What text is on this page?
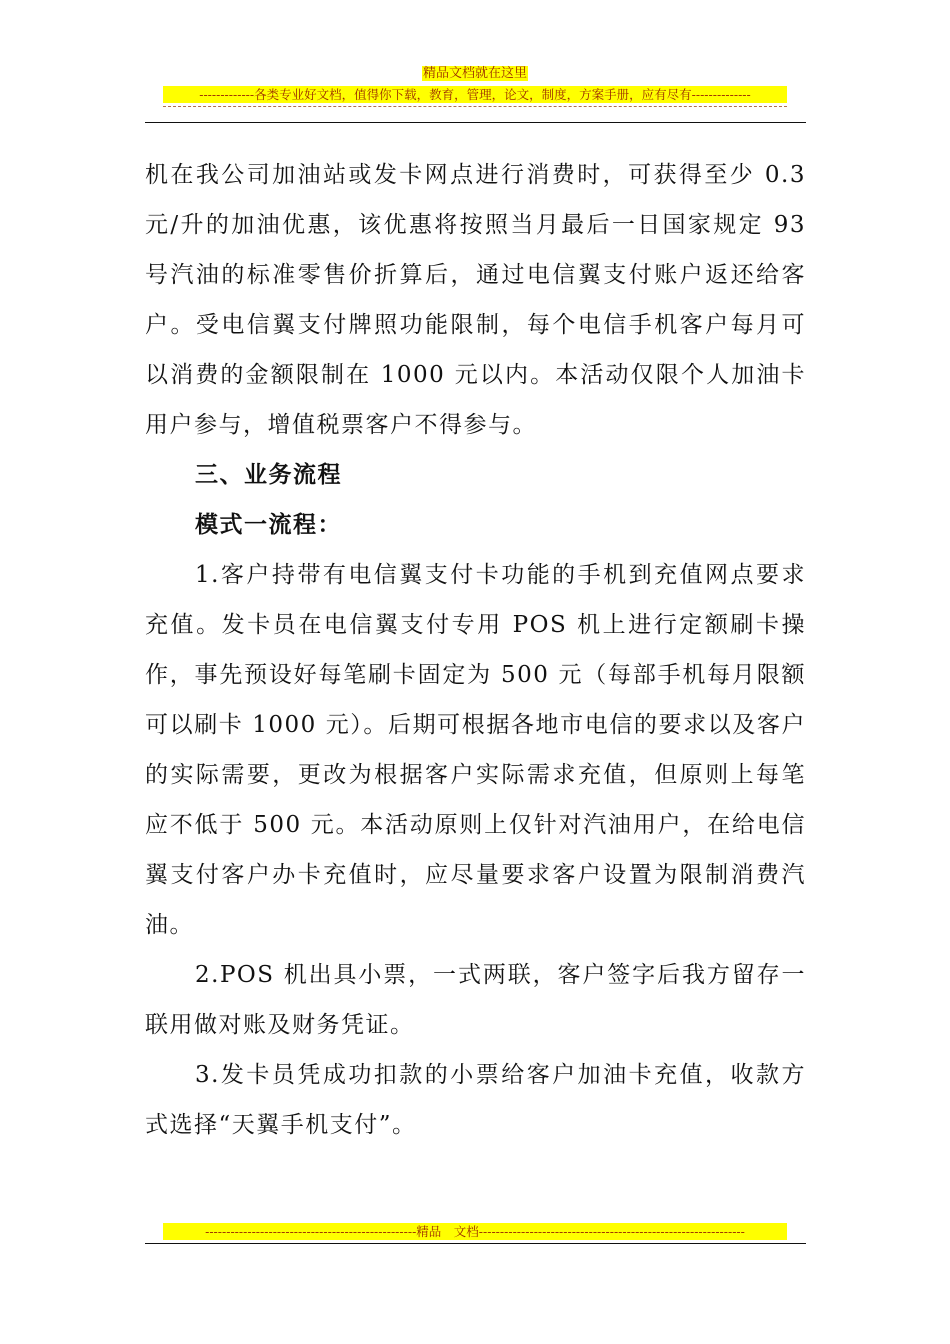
精品文档就在这里
-------------各类专业好文档，值得你下载，教育，管理，论文，制度，方案手册，应有尽有--------------

机在我公司加油站或发卡网点进行消费时，可获得至少 0.3 元/升的加油优惠，该优惠将按照当月最后一日国家规定 93 号汽油的标准零售价折算后，通过电信翼支付账户返还给客户。受电信翼支付牌照功能限制，每个电信手机客户每月可以消费的金额限制在 1000 元以内。本活动仅限个人加油卡用户参与，增值税票客户不得参与。

三、业务流程

模式一流程：

1.客户持带有电信翼支付卡功能的手机到充值网点要求充值。发卡员在电信翼支付专用 POS 机上进行定额刷卡操作，事先预设好每笔刷卡固定为 500 元（每部手机每月限额可以刷卡 1000 元）。后期可根据各地市电信的要求以及客户的实际需要，更改为根据客户实际需求充值，但原则上每笔应不低于 500 元。本活动原则上仅针对汽油用户，在给电信翼支付客户办卡充值时，应尽量要求客户设置为限制消费汽油。

2.POS 机出具小票，一式两联，客户签字后我方留存一联用做对账及财务凭证。

3.发卡员凭成功扣款的小票给客户加油卡充值，收款方式选择“天翼手机支付”。

--------------------------------------------------精品　文档---------------------------------------------------------------
